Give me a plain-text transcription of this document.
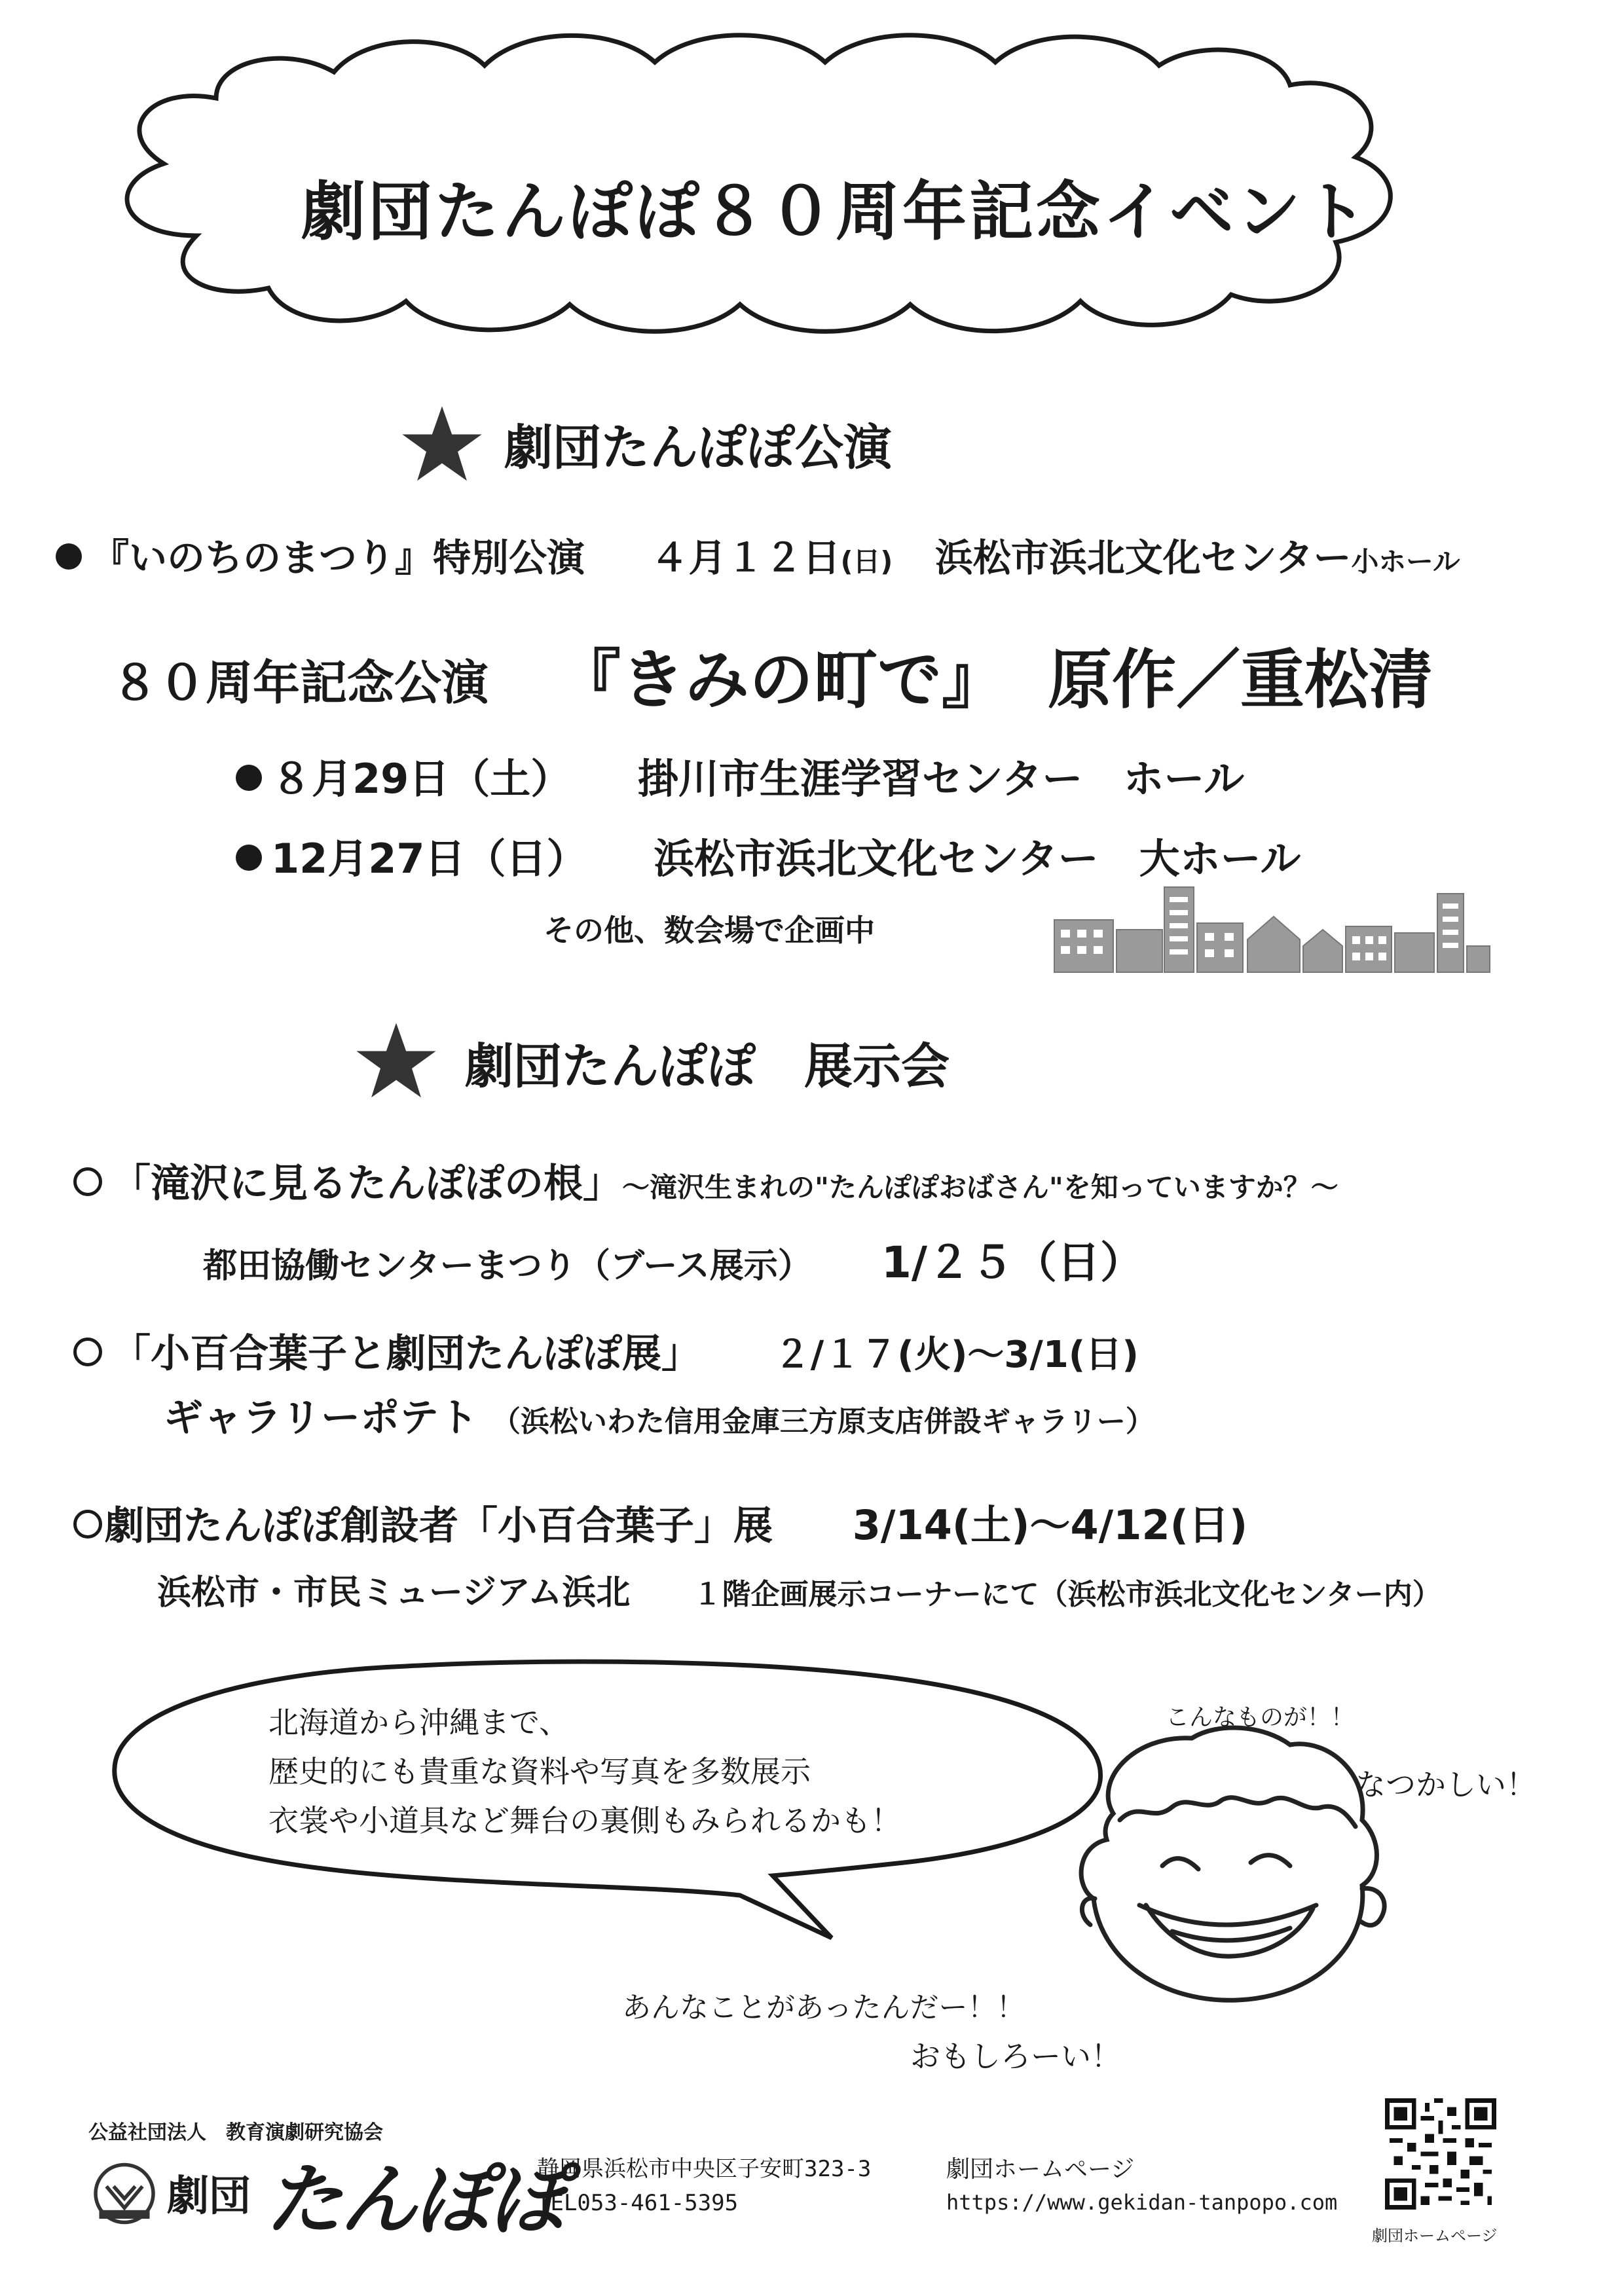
劇団たんぽぽ８０周年記念イベント
劇団たんぽぽ公演
『いのちのまつり』特別公演 ４月１２日(日) 浜松市浜北文化センター小ホール
８０周年記念公演 『きみの町で』 原作／重松清
８月29日（土） 掛川市生涯学習センター　ホール
12月27日（日） 浜松市浜北文化センター　大ホール
その他、数会場で企画中
劇団たんぽぽ　展示会
「滝沢に見るたんぽぽの根」～滝沢生まれの"たんぽぽおばさん"を知っていますか？～
都田協働センターまつり（ブース展示） 1/２５（日）
「小百合葉子と劇団たんぽぽ展」 ２/１７(火)～3/1(日)
ギャラリーポテト （浜松いわた信用金庫三方原支店併設ギャラリー）
劇団たんぽぽ創設者「小百合葉子」展 3/14(土)～4/12(日)
浜松市・市民ミュージアム浜北 １階企画展示コーナーにて（浜松市浜北文化センター内）
北海道から沖縄まで、
歴史的にも貴重な資料や写真を多数展示
衣裳や小道具など舞台の裏側もみられるかも！
こんなものが！！
なつかしい！
あんなことがあったんだー！！
おもしろーい！
公益社団法人　教育演劇研究協会
劇団 たんぽぽ
静岡県浜松市中央区子安町323-3
TEL053-461-5395
劇団ホームページ
https://www.gekidan-tanpopo.com
劇団ホームページ
